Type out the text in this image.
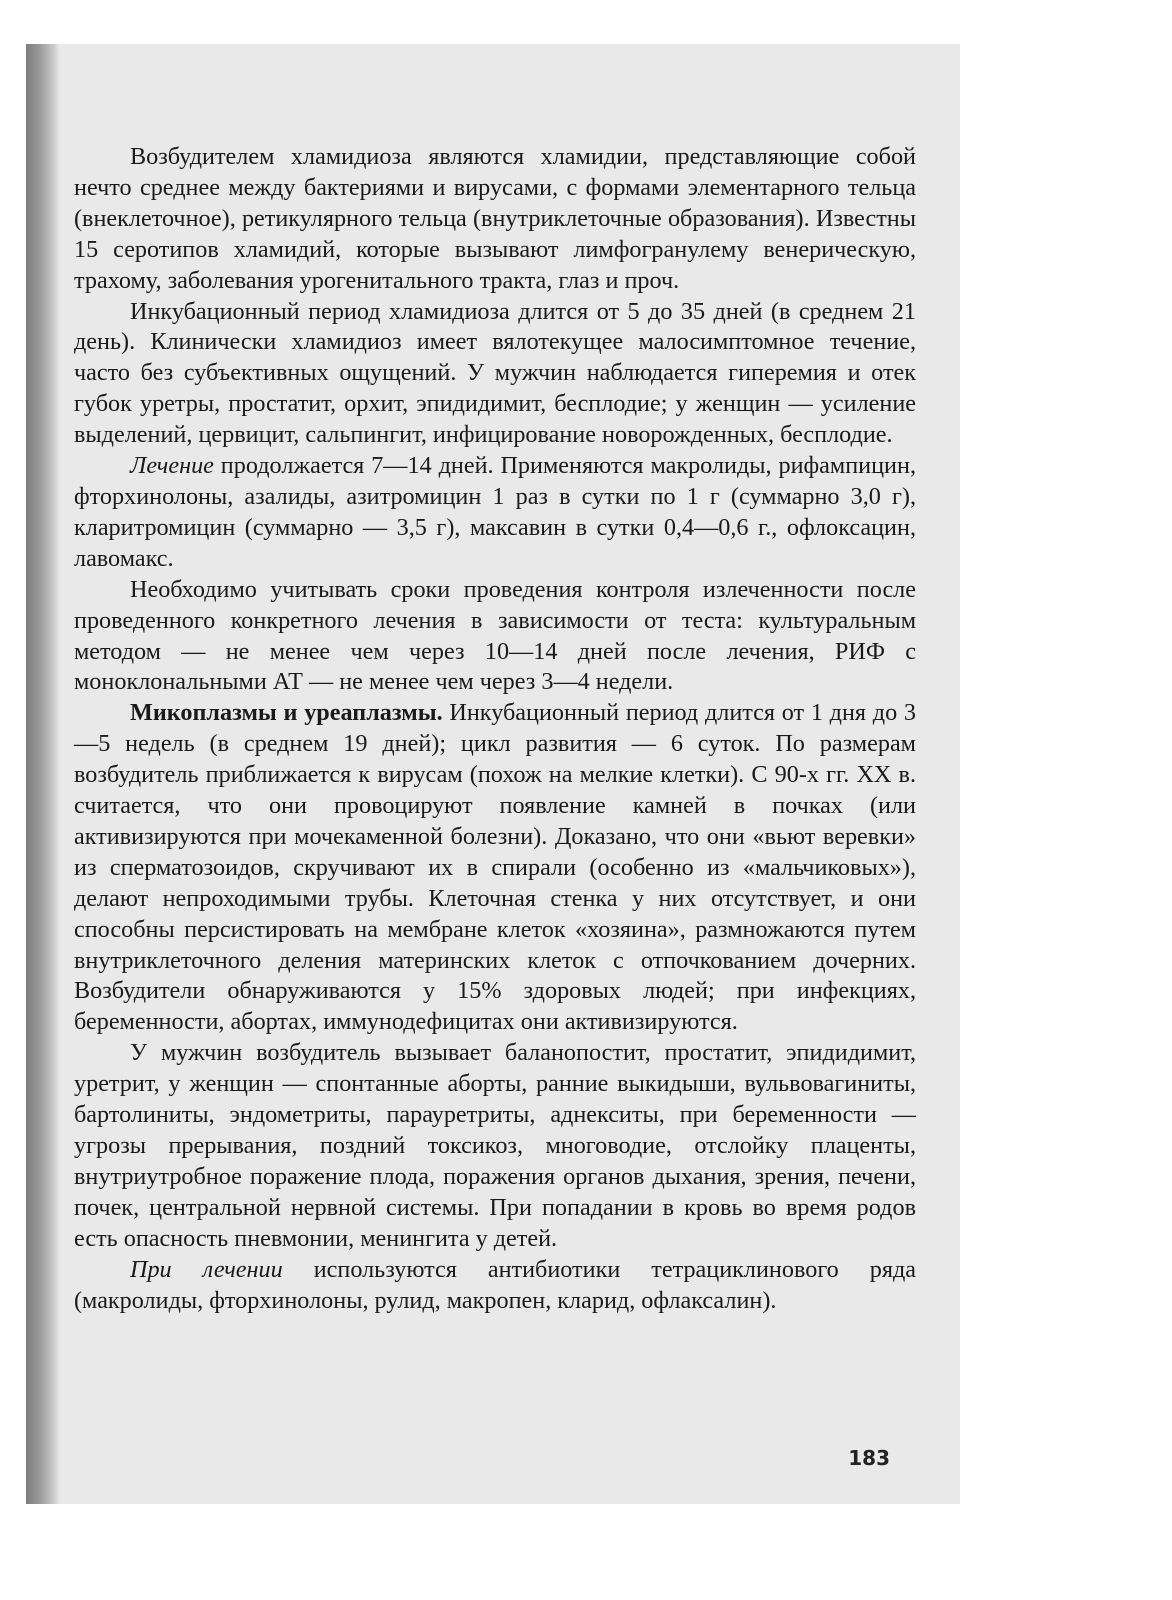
Возбудителем хламидиоза являются хламидии, представляющие собой нечто среднее между бактериями и вирусами, с формами элементарного тельца (внеклеточное), ретикулярного тельца (внутриклеточные образования). Известны 15 серотипов хламидий, которые вызывают лимфогранулему венерическую, трахому, заболевания урогенитального тракта, глаз и проч.

Инкубационный период хламидиоза длится от 5 до 35 дней (в среднем 21 день). Клинически хламидиоз имеет вялотекущее малосимптомное течение, часто без субъективных ощущений. У мужчин наблюдается гиперемия и отек губок уретры, простатит, орхит, эпидидимит, бесплодие; у женщин — усиление выделений, цервицит, сальпингит, инфицирование новорожденных, бесплодие.

Лечение продолжается 7—14 дней. Применяются макролиды, рифампицин, фторхинолоны, азалиды, азитромицин 1 раз в сутки по 1 г (суммарно 3,0 г), кларитромицин (суммарно — 3,5 г), максавин в сутки 0,4—0,6 г., офлоксацин, лавомакс.

Необходимо учитывать сроки проведения контроля излеченности после проведенного конкретного лечения в зависимости от теста: культуральным методом — не менее чем через 10—14 дней после лечения, РИФ с моноклональными АТ — не менее чем через 3—4 недели.

Микоплазмы и уреаплазмы. Инкубационный период длится от 1 дня до 3—5 недель (в среднем 19 дней); цикл развития — 6 суток. По размерам возбудитель приближается к вирусам (похож на мелкие клетки). С 90-х гг. XX в. считается, что они провоцируют появление камней в почках (или активизируются при мочекаменной болезни). Доказано, что они «вьют веревки» из сперматозоидов, скручивают их в спирали (особенно из «мальчиковых»), делают непроходимыми трубы. Клеточная стенка у них отсутствует, и они способны персистировать на мембране клеток «хозяина», размножаются путем внутриклеточного деления материнских клеток с отпочкованием дочерних. Возбудители обнаруживаются у 15% здоровых людей; при инфекциях, беременности, абортах, иммунодефицитах они активизируются.

У мужчин возбудитель вызывает баланопостит, простатит, эпидидимит, уретрит, у женщин — спонтанные аборты, ранние выкидыши, вульвовагиниты, бартолиниты, эндометриты, парауретриты, аднекситы, при беременности — угрозы прерывания, поздний токсикоз, многоводие, отслойку плаценты, внутриутробное поражение плода, поражения органов дыхания, зрения, печени, почек, центральной нервной системы. При попадании в кровь во время родов есть опасность пневмонии, менингита у детей.

При лечении используются антибиотики тетрациклинового ряда (макролиды, фторхинолоны, рулид, макропен, кларид, офлаксалин).

183
